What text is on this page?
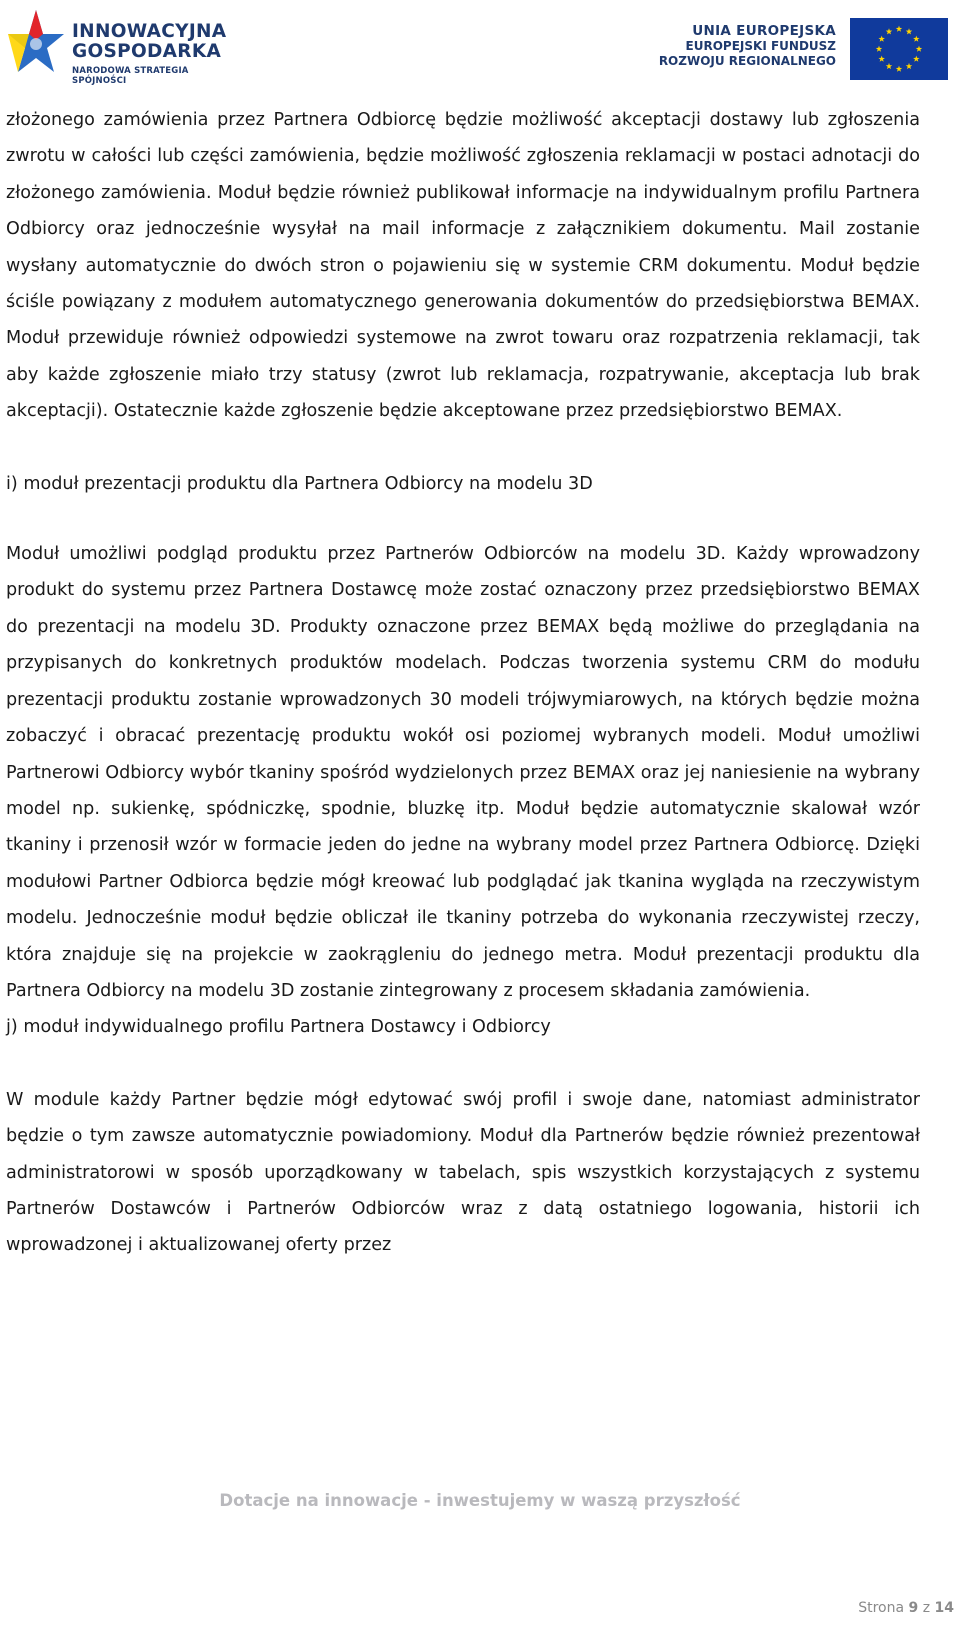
INNOWACYJNA
GOSPODARKA
NARODOWA STRATEGIA SPÓJNOŚCI
UNIA EUROPEJSKA
EUROPEJSKI FUNDUSZ
ROZWOJU REGIONALNEGO

złożonego zamówienia przez Partnera Odbiorcę będzie możliwość akceptacji dostawy lub zgłoszenia zwrotu w całości lub części zamówienia, będzie możliwość zgłoszenia reklamacji w postaci adnotacji do złożonego zamówienia. Moduł będzie również publikował informacje na indywidualnym profilu Partnera Odbiorcy oraz jednocześnie wysyłał na mail informacje z załącznikiem dokumentu. Mail zostanie wysłany automatycznie do dwóch stron o pojawieniu się w systemie CRM dokumentu. Moduł będzie ściśle powiązany z modułem automatycznego generowania dokumentów do przedsiębiorstwa BEMAX. Moduł przewiduje również odpowiedzi systemowe na zwrot towaru oraz rozpatrzenia reklamacji, tak aby każde zgłoszenie miało trzy statusy (zwrot lub reklamacja, rozpatrywanie, akceptacja lub brak akceptacji). Ostatecznie każde zgłoszenie będzie akceptowane przez przedsiębiorstwo BEMAX.

i) moduł prezentacji produktu dla Partnera Odbiorcy na modelu 3D

Moduł umożliwi podgląd produktu przez Partnerów Odbiorców na modelu 3D. Każdy wprowadzony produkt do systemu przez Partnera Dostawcę może zostać oznaczony przez przedsiębiorstwo BEMAX do prezentacji na modelu 3D. Produkty oznaczone przez BEMAX będą możliwe do przeglądania na przypisanych do konkretnych produktów modelach. Podczas tworzenia systemu CRM do modułu prezentacji produktu zostanie wprowadzonych 30 modeli trójwymiarowych, na których będzie można zobaczyć i obracać prezentację produktu wokół osi poziomej wybranych modeli. Moduł umożliwi Partnerowi Odbiorcy wybór tkaniny spośród wydzielonych przez BEMAX oraz jej naniesienie na wybrany model np. sukienkę, spódniczkę, spodnie, bluzkę itp. Moduł będzie automatycznie skalował wzór tkaniny i przenosił wzór w formacie jeden do jedne na wybrany model przez Partnera Odbiorcę. Dzięki modułowi Partner Odbiorca będzie mógł kreować lub podglądać jak tkanina wygląda na rzeczywistym modelu. Jednocześnie moduł będzie obliczał ile tkaniny potrzeba do wykonania rzeczywistej rzeczy, która znajduje się na projekcie w zaokrągleniu do jednego metra. Moduł prezentacji produktu dla Partnera Odbiorcy na modelu 3D zostanie zintegrowany z procesem składania zamówienia.

j) moduł indywidualnego profilu Partnera Dostawcy i Odbiorcy

W module każdy Partner będzie mógł edytować swój profil i swoje dane, natomiast administrator będzie o tym zawsze automatycznie powiadomiony. Moduł dla Partnerów będzie również prezentował administratorowi w sposób uporządkowany w tabelach, spis wszystkich korzystających z systemu Partnerów Dostawców i Partnerów Odbiorców wraz z datą ostatniego logowania, historii ich wprowadzonej i aktualizowanej oferty przez

Dotacje na innowacje - inwestujemy w waszą przyszłość
Strona 9 z 14
